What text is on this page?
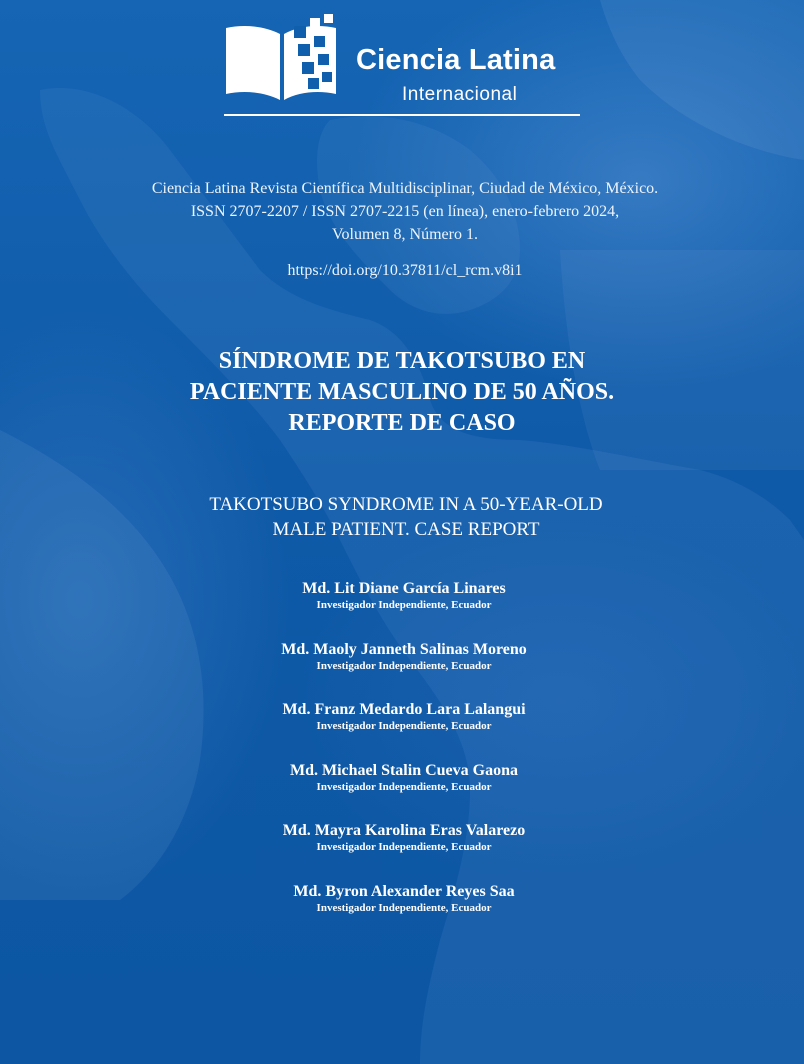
Ciencia Latina
Internacional
Ciencia Latina Revista Científica Multidisciplinar, Ciudad de México, México.
ISSN 2707-2207 / ISSN 2707-2215 (en línea), enero-febrero 2024,
Volumen 8, Número 1.
https://doi.org/10.37811/cl_rcm.v8i1
SÍNDROME DE TAKOTSUBO EN
PACIENTE MASCULINO DE 50 AÑOS.
REPORTE DE CASO
TAKOTSUBO SYNDROME IN A 50-YEAR-OLD
MALE PATIENT. CASE REPORT
Md. Lit Diane García Linares
Investigador Independiente, Ecuador
Md. Maoly Janneth Salinas Moreno
Investigador Independiente, Ecuador
Md. Franz Medardo Lara Lalangui
Investigador Independiente, Ecuador
Md. Michael Stalin Cueva Gaona
Investigador Independiente, Ecuador
Md. Mayra Karolina Eras Valarezo
Investigador Independiente, Ecuador
Md. Byron Alexander Reyes Saa
Investigador Independiente, Ecuador
